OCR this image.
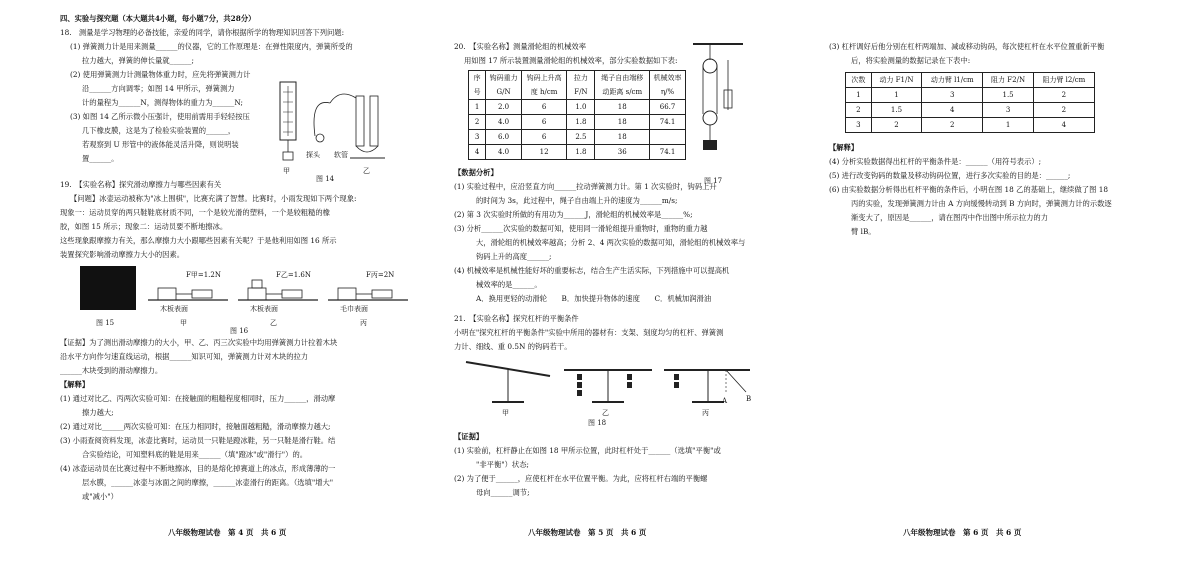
四、实验与探究题（本大题共4小题，每小题7分，共28分）
18.　测量是学习物理的必备技能，亲爱的同学，请你根据所学的物理知识回答下列问题:
(1) 弹簧测力计是用来测量______的仪器，它的工作原理是：在弹性限度内，弹簧所受的
拉力越大，弹簧的伸长量就______;
(2) 使用弹簧测力计测量物体重力时，应先将弹簧测力计
沿______方向调零；如图 14 甲所示，弹簧测力
计的量程为______N，测得物体的重力为______N;
(3) 如图 14 乙所示微小压强计，使用前需用手轻轻按压
几下橡皮膜，这是为了检验实验装置的______，
若观察到 U 形管中的液体能灵活升降，则说明装
置______。
甲	乙
探头 软管
图 14
19.　【实验名称】探究滑动摩擦力与哪些因素有关
【问题】冰壶运动被称为"冰上围棋"，比赛充满了智慧。比赛时，小雨发现如下两个现象:
现象一：运动员穿的两只鞋鞋底材质不同，一个是较光滑的塑料，一个是较粗糙的橡
胶，如图 15 所示；现象二：运动员要不断地擦冰。
这些现象跟摩擦力有关，那么摩擦力大小跟哪些因素有关呢？于是他利用如图 16 所示
装置探究影响滑动摩擦力大小的因素。
图 15
F甲=1.2N	F乙=1.6N	F丙=2N
木板表面	木板表面	毛巾表面
甲	乙	丙
图 16
【证据】为了测出滑动摩擦力的大小，甲、乙、丙三次实验中均用弹簧测力计拉着木块
沿水平方向作匀速直线运动，根据______知识可知，弹簧测力计对木块的拉力
______木块受到的滑动摩擦力。
【解释】
(1) 通过对比乙、丙两次实验可知：在接触面的粗糙程度相同时，压力______，滑动摩
擦力越大;
(2) 通过对比______两次实验可知：在压力相同时，接触面越粗糙，滑动摩擦力越大;
(3) 小雨查阅资料发现，冰壶比赛时，运动员一只鞋是蹬冰鞋，另一只鞋是滑行鞋。结
合实验结论，可知塑料底的鞋是用来______（填"蹬冰"或"滑行"）的。
(4) 冰壶运动员在比赛过程中不断地擦冰，目的是熔化掉赛道上的冰点，形成薄薄的一
层水膜，______冰壶与冰面之间的摩擦，______冰壶滑行的距离。（选填"增大"
或"减小"）
八年级物理试卷　第 4 页　共 6 页
20.　【实验名称】测量滑轮组的机械效率
用如图 17 所示装置测量滑轮组的机械效率，部分实验数据如下表:
序号	钩码重力 G/N	钩码上升高度 h/cm	拉力 F/N	绳子自由端移动距离 s/cm	机械效率 η/%
1	2.0	6	1.0	18	66.7
2	4.0	6	1.8	18	74.1
3	6.0	6	2.5	18	
4	4.0	12	1.8	36	74.1
图 17
【数据分析】
(1) 实验过程中，应沿竖直方向______拉动弹簧测力计。第 1 次实验时，钩码上升
的时间为 3s，此过程中，绳子自由端上升的速度为______m/s;
(2) 第 3 次实验时所做的有用功为______J，滑轮组的机械效率是______%;
(3) 分析______次实验的数据可知，使用同一滑轮组提升重物时，重物的重力越
大，滑轮组的机械效率越高；分析 2、4 两次实验的数据可知，滑轮组的机械效率与
钩码上升的高度______;
(4) 机械效率是机械性能好坏的重要标志，结合生产生活实际，下列措施中可以提高机
械效率的是______。
A．换用更轻的动滑轮　　B．加快提升物体的速度　　C．机械加润滑油
21.　【实验名称】探究杠杆的平衡条件
小明在"探究杠杆的平衡条件"实验中所用的器材有：支架、刻度均匀的杠杆、弹簧测
力计、细线、重 0.5N 的钩码若干。
甲	乙	丙
A	B
图 18
【证据】
(1) 实验前，杠杆静止在如图 18 甲所示位置，此时杠杆处于______（选填"平衡"或
"非平衡"）状态;
(2) 为了便于______，应使杠杆在水平位置平衡。为此，应将杠杆右端的平衡螺
母向______调节;
八年级物理试卷　第 5 页　共 6 页
(3) 杠杆调好后他分别在杠杆两端加、减或移动钩码，每次使杠杆在水平位置重新平衡
后，将实验测量的数据记录在下表中:
次数	动力 F1/N	动力臂 l1/cm	阻力 F2/N	阻力臂 l2/cm
1	1	3	1.5	2
2	1.5	4	3	2
3	2	2	1	4
【解释】
(4) 分析实验数据得出杠杆的平衡条件是：______（用符号表示）;
(5) 进行改变钩码的数量及移动钩码位置，进行多次实验的目的是：______;
(6) 由实验数据分析得出杠杆平衡的条件后，小明在图 18 乙的基础上，继续做了图 18
丙的实验，发现弹簧测力计由 A 方向缓慢转动到 B 方向时，弹簧测力计的示数逐
渐变大了，原因是______，请在图丙中作出图中所示拉力的力
臂 lB。
八年级物理试卷　第 6 页　共 6 页
